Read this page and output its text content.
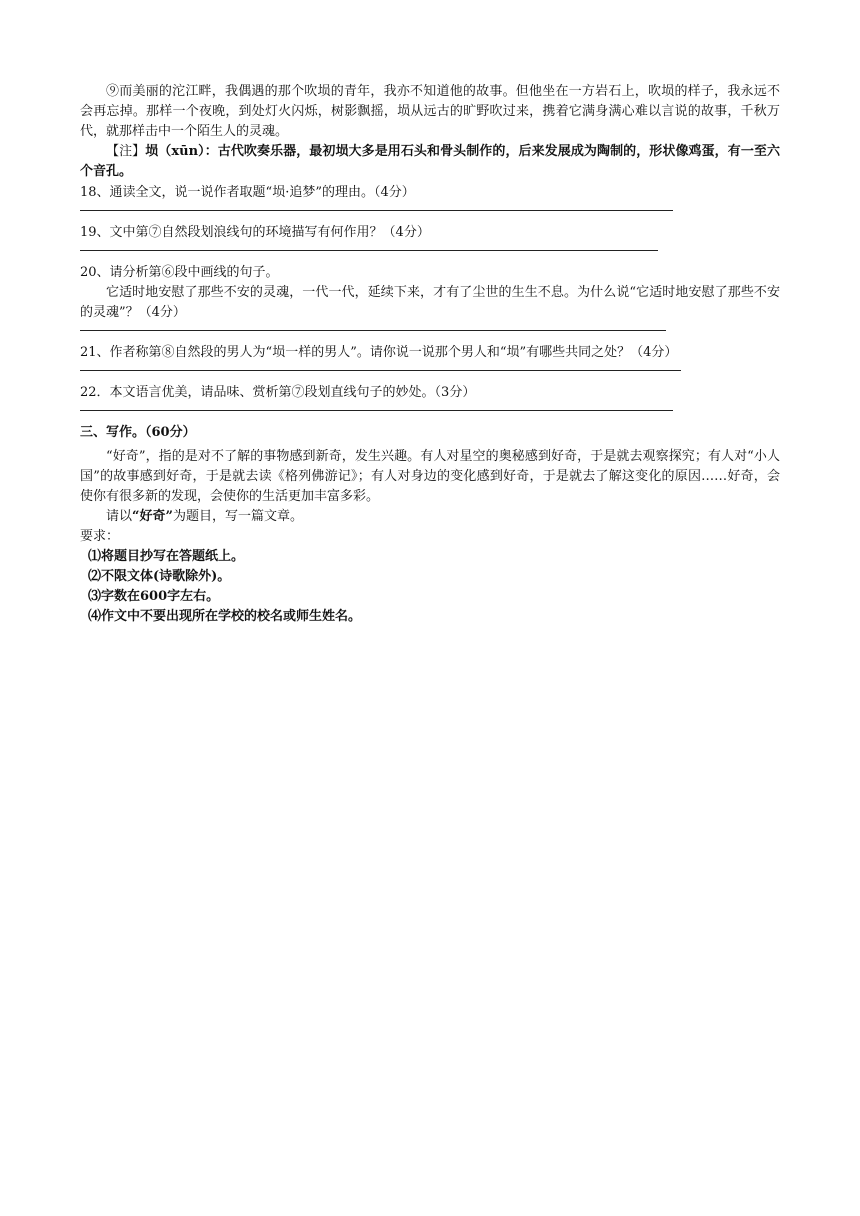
⑨而美丽的沱江畔，我偶遇的那个吹埙的青年，我亦不知道他的故事。但他坐在一方岩石上，吹埙的样子，我永远不会再忘掉。那样一个夜晚，到处灯火闪烁，树影飘摇，埙从远古的旷野吹过来，携着它满身满心难以言说的故事，千秋万代，就那样击中一个陌生人的灵魂。

【注】埙（xūn）：古代吹奏乐器，最初埙大多是用石头和骨头制作的，后来发展成为陶制的，形状像鸡蛋，有一至六个音孔。

18、通读全文，说一说作者取题“埙·追梦”的理由。（4分）

19、文中第⑦自然段划浪线句的环境描写有何作用？（4分）

20、请分析第⑥段中画线的句子。

它适时地安慰了那些不安的灵魂，一代一代，延续下来，才有了尘世的生生不息。为什么说“它适时地安慰了那些不安的灵魂”？（4分）

21、作者称第⑧自然段的男人为“埙一样的男人”。请你说一说那个男人和“埙”有哪些共同之处？（4分）

22．本文语言优美，请品味、赏析第⑦段划直线句子的妙处。（3分）

三、写作。（60分）

“好奇”，指的是对不了解的事物感到新奇，发生兴趣。有人对星空的奥秘感到好奇，于是就去观察探究；有人对“小人国”的故事感到好奇，于是就去读《格列佛游记》；有人对身边的变化感到好奇，于是就去了解这变化的原因……好奇，会使你有很多新的发现，会使你的生活更加丰富多彩。

请以“好奇”为题目，写一篇文章。

要求：

⑴将题目抄写在答题纸上。

⑵不限文体(诗歌除外)。

⑶字数在600字左右。

⑷作文中不要出现所在学校的校名或师生姓名。
